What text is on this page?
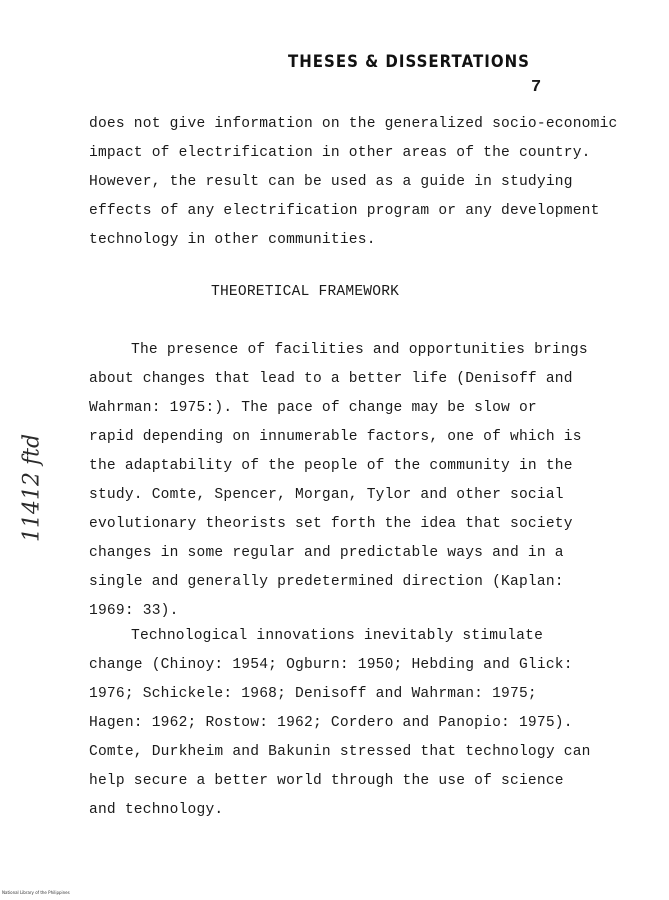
THESES & DISSERTATIONS
7
does not give information on the generalized socio-economic
impact of electrification in other areas of the country.
However, the result can be used as a guide in studying
effects of any electrification program or any development
technology in other communities.
THEORETICAL FRAMEWORK
The presence of facilities and opportunities brings
about changes that lead to a better life (Denisoff and
Wahrman: 1975:). The pace of change may be slow or
rapid depending on innumerable factors, one of which is
the adaptability of the people of the community in the
study. Comte, Spencer, Morgan, Tylor and other social
evolutionary theorists set forth the idea that society
changes in some regular and predictable ways and in a
single and generally predetermined direction (Kaplan:
1969: 33).
Technological innovations inevitably stimulate
change (Chinoy: 1954; Ogburn: 1950; Hebding and Glick:
1976; Schickele: 1968; Denisoff and Wahrman: 1975;
Hagen: 1962; Rostow: 1962; Cordero and Panopio: 1975).
Comte, Durkheim and Bakunin stressed that technology can
help secure a better world through the use of science
and technology.
11412 ftd
National Library of the Philippines
